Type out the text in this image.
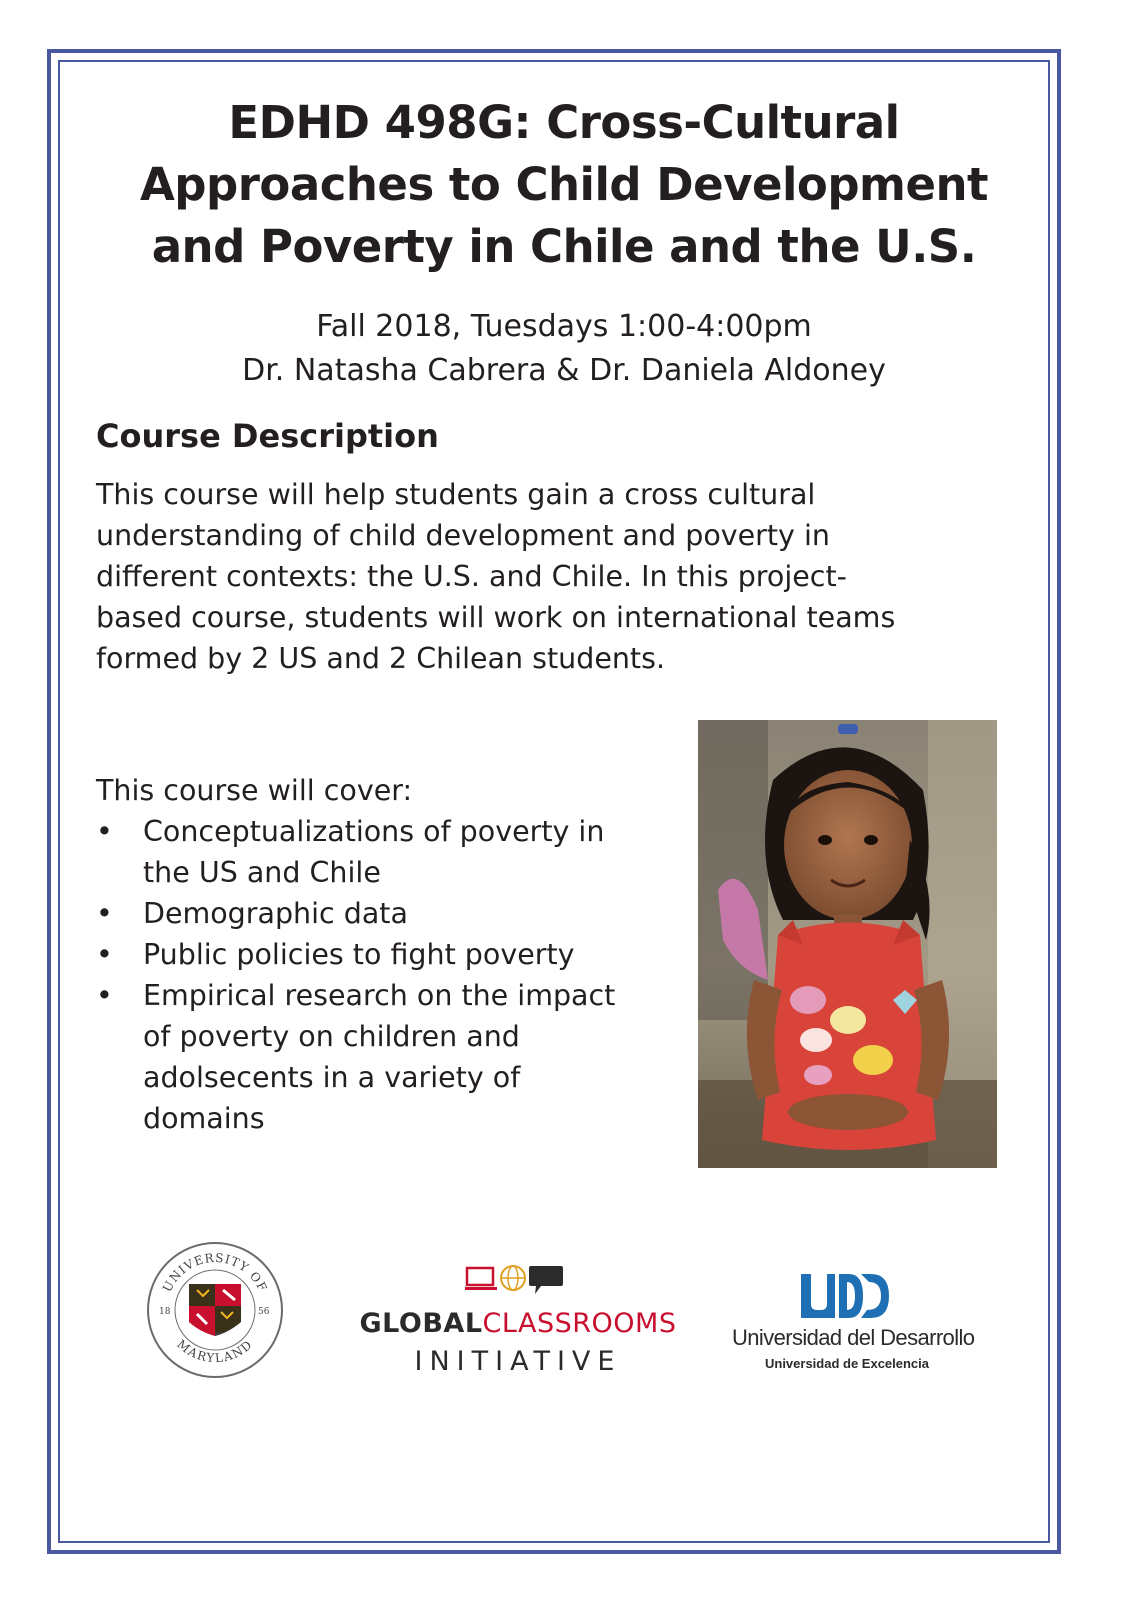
EDHD 498G: Cross-Cultural
Approaches to Child Development
and Poverty in Chile and the U.S.
Fall 2018, Tuesdays 1:00-4:00pm
Dr. Natasha Cabrera & Dr. Daniela Aldoney
Course Description
This course will help students gain a cross cultural
understanding of child development and poverty in
different contexts: the U.S. and Chile. In this project-
based course, students will work on international teams
formed by 2 US and 2 Chilean students.
This course will cover:
• Conceptualizations of poverty in
the US and Chile
• Demographic data
• Public policies to fight poverty
• Empirical research on the impact
of poverty on children and
adolsecents in a variety of
domains
UNIVERSITY OF
MARYLAND
18	56	GLOBALCLASSROOMS
INITIATIVE
Universidad del Desarrollo
Universidad de Excelencia
